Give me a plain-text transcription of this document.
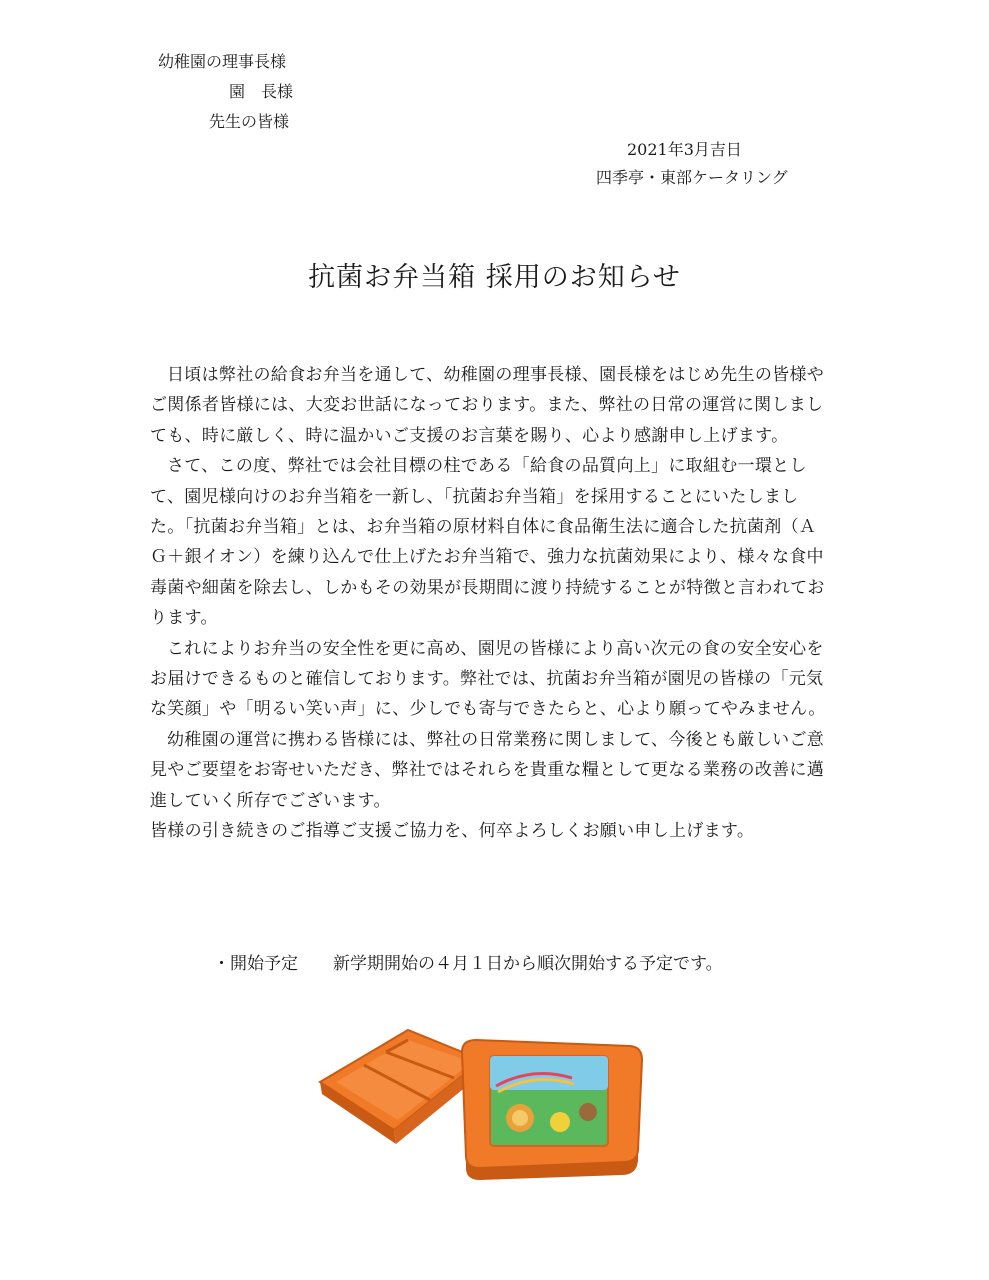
幼稚園の理事長様
園　長様
先生の皆様
2021年3月吉日
四季亭・東部ケータリング
抗菌お弁当箱 採用のお知らせ

日頃は弊社の給食お弁当を通して、幼稚園の理事長様、園長様をはじめ先生の皆様やご関係者皆様には、大変お世話になっております。また、弊社の日常の運営に関しましても、時に厳しく、時に温かいご支援のお言葉を賜り、心より感謝申し上げます。

さて、この度、弊社では会社目標の柱である「給食の品質向上」に取組む一環として、園児様向けのお弁当箱を一新し、「抗菌お弁当箱」を採用することにいたしました。「抗菌お弁当箱」とは、お弁当箱の原材料自体に食品衛生法に適合した抗菌剤（ＡＧ＋銀イオン）を練り込んで仕上げたお弁当箱で、強力な抗菌効果により、様々な食中毒菌や細菌を除去し、しかもその効果が長期間に渡り持続することが特徴と言われております。

これによりお弁当の安全性を更に高め、園児の皆様により高い次元の食の安全安心をお届けできるものと確信しております。弊社では、抗菌お弁当箱が園児の皆様の「元気な笑顔」や「明るい笑い声」に、少しでも寄与できたらと、心より願ってやみません。

幼稚園の運営に携わる皆様には、弊社の日常業務に関しまして、今後とも厳しいご意見やご要望をお寄せいただき、弊社ではそれらを貴重な糧として更なる業務の改善に邁進していく所存でございます。

皆様の引き続きのご指導ご支援ご協力を、何卒よろしくお願い申し上げます。

・開始予定 新学期開始の４月１日から順次開始する予定です。
